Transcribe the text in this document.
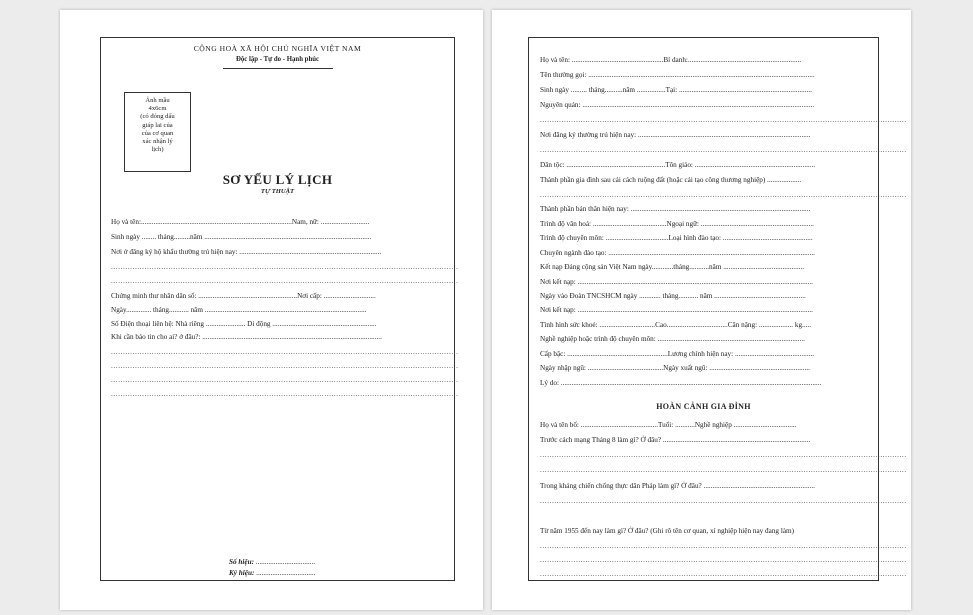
CỘNG HOÀ XÃ HỘI CHỦ NGHĨA VIỆT NAM
Độc lập - Tự do - Hạnh phúc
Ảnh mầu
4x6cm
(có đóng dấu
giáp lai của
của cơ quan
xác nhận lý
lịch)
SƠ YẾU LÝ LỊCH
TỰ THUẬT
Họ và tên:....................................................................................Nam, nữ: ...........................
Sinh ngày ........ tháng.........năm .............................................................................................
Nơi ở đăng ký hộ khẩu thường trú hiện nay: ...............................................................................
.................................................................................................................................................
.................................................................................................................................................
Chứng minh thư nhân dân số: .......................................................Nơi cấp: .............................
Ngày.............. tháng........... năm ..........................................................................................
Số Điện thoại liên hệ: Nhà riêng ...................... Di động ..........................................................
Khi cần báo tin cho ai? ở đâu?: ....................................................................................................
.................................................................................................................................................
.................................................................................................................................................
.................................................................................................................................................
.................................................................................................................................................
Số hiệu: .................................
Ký hiệu: .................................
Họ và tên: ...................................................Bí danh:...............................................................
Tên thường gọi: ..............................................................................................................................
Sinh ngày ......... tháng..........năm ................Tại: ..........................................................................
Nguyên quán: .................................................................................................................................
.........................................................................................................................................................
Nơi đăng ký thường trú hiện nay: ................................................................................................
.........................................................................................................................................................
Dân tộc: .......................................................Tôn giáo: ...................................................................
Thành phần gia đình sau cải cách ruộng đất (hoặc cải tạo công thương nghiệp) ...................
.........................................................................................................................................................
Thành phần bản thân hiện nay: ....................................................................................................
Trình độ văn hoá: .........................................Ngoại ngữ: ...............................................................
Trình độ chuyên môn: ...................................Loại hình đào tạo: ..................................................
Chuyên ngành đào tạo: ...................................................................................................................
Kết nạp Đảng cộng sản Việt Nam ngày............tháng...........năm .............................................
Nơi kết nạp: ...................................................................................................................................
Ngày vào Đoàn TNCSHCM ngày ............ tháng........... năm ...................................................
Nơi kết nạp: ...................................................................................................................................
Tình hình sức khoẻ: ...............................Cao..................................Cân nặng: ................... kg.....
Nghề nghiệp hoặc trình độ chuyên môn: ..................................................................................
Cấp bậc: ........................................................Lương chính hiện nay: ............................................
Ngày nhập ngũ: ..........................................Ngày xuất ngũ: ........................................................
Lý do: .................................................................................................................................................
HOÀN CẢNH GIA ĐÌNH
Họ và tên bố: ...........................................Tuổi: ...........Nghề nghiệp ...................................
Trước cách mạng Tháng 8 làm gì? Ở đâu? ..................................................................................
.........................................................................................................................................................
.........................................................................................................................................................
Trong kháng chiến chống thực dân Pháp làm gì? Ở đâu? ..............................................................
.........................................................................................................................................................
Từ năm 1955 đến nay làm gì? Ở đâu? (Ghi rõ tên cơ quan, xí nghiệp hiện nay đang làm)
.........................................................................................................................................................
.........................................................................................................................................................
.........................................................................................................................................................
